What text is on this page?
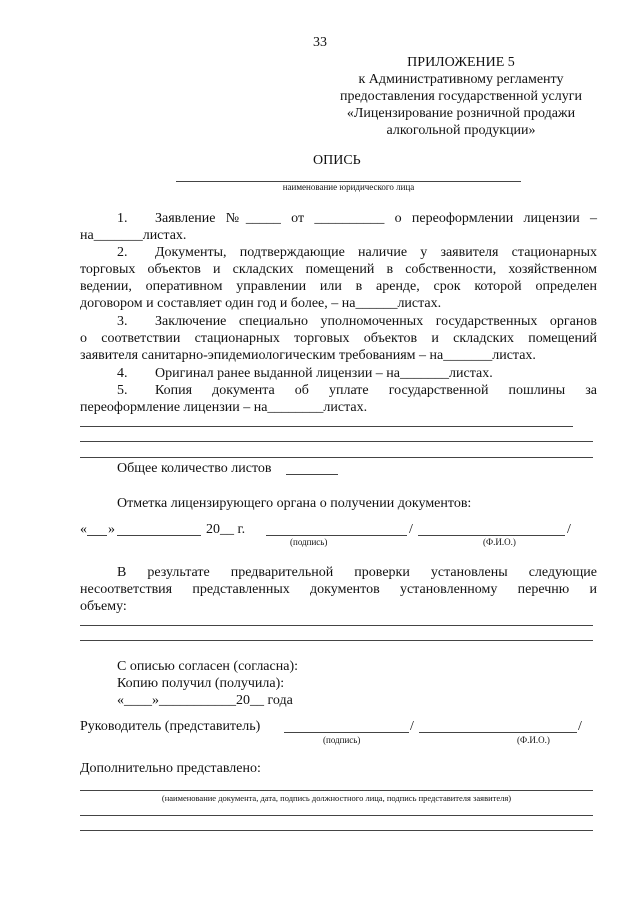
33
ПРИЛОЖЕНИЕ 5
к Административному регламенту
предоставления государственной услуги
«Лицензирование розничной продажи
алкогольной продукции»
ОПИСЬ
наименование юридического лица
1. Заявление №_____ от __________ о переоформлении лицензии –
на_______листах.
2. Документы, подтверждающие наличие у заявителя стационарных
торговых объектов и складских помещений в собственности, хозяйственном
ведении, оперативном управлении или в аренде, срок которой определен
договором и составляет один год и более, – на______листах.
3. Заключение специально уполномоченных государственных органов
о соответствии стационарных торговых объектов и складских помещений
заявителя санитарно-эпидемиологическим требованиям – на_______листах.
4. Оригинал ранее выданной лицензии – на_______листах.
5. Копия документа об уплате государственной пошлины за
переоформление лицензии – на________листах.
Общее количество листов
Отметка лицензирующего органа о получении документов:
« »	20__ г.	/	/
(подпись)	(Ф.И.О.)
В результате предварительной проверки установлены следующие
несоответствия представленных документов установленному перечню и
объему:
С описью согласен (согласна):
Копию получил (получила):
«____»___________20__ года
Руководитель (представитель)	/	/
(подпись)	(Ф.И.О.)
Дополнительно представлено:
(наименование документа, дата, подпись должностного лица, подпись представителя заявителя)
